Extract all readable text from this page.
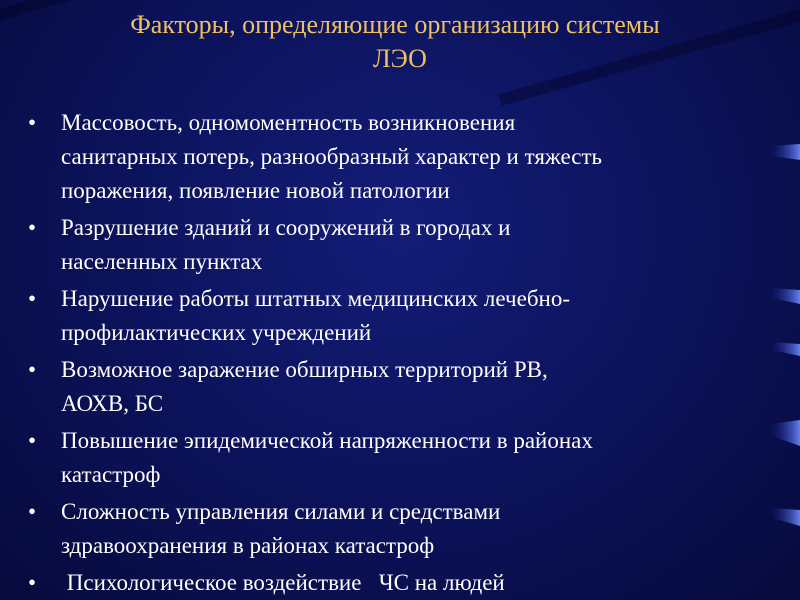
Факторы, определяющие организацию системы
ЛЭО
•	Массовость, одномоментность возникновения
санитарных потерь, разнообразный характер и тяжесть
поражения, появление новой патологии
•	Разрушение зданий и сооружений в городах и
населенных пунктах
•	Нарушение работы штатных медицинских лечебно-
профилактических учреждений
•	Возможное заражение обширных территорий РВ,
АОХВ, БС
•	Повышение эпидемической напряженности в районах
катастроф
•	Сложность управления силами и средствами
здравоохранения в районах катастроф
•	Психологическое воздействие   ЧС на людей
